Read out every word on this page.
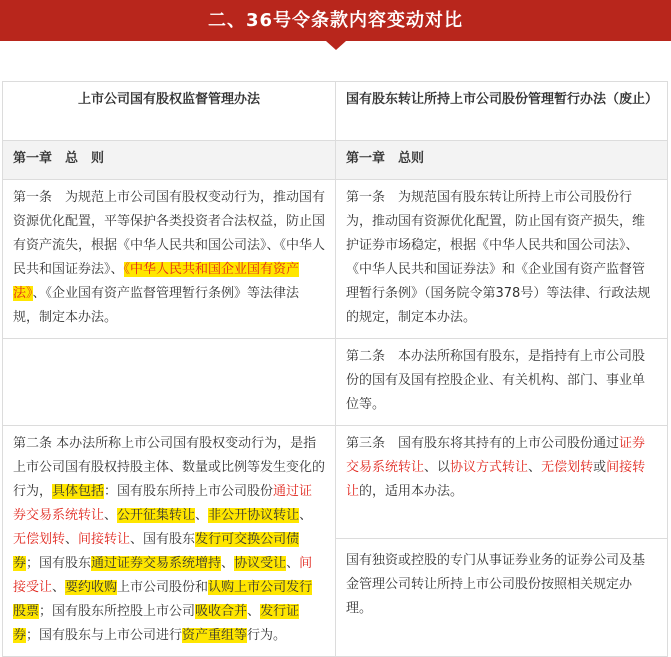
二、36号令条款内容变动对比
上市公司国有股权监督管理办法	国有股东转让所持上市公司股份管理暂行办法（废止）
第一章　总　则	第一章　总则
第一条　为规范上市公司国有股权变动行为，推动国有资源优化配置，平等保护各类投资者合法权益，防止国有资产流失，根据《中华人民共和国公司法》、《中华人民共和国证券法》、《中华人民共和国企业国有资产法》、《企业国有资产监督管理暂行条例》等法律法规，制定本办法。	第一条　为规范国有股东转让所持上市公司股份行为，推动国有资源优化配置，防止国有资产损失，维护证券市场稳定，根据《中华人民共和国公司法》、《中华人民共和国证券法》和《企业国有资产监督管理暂行条例》（国务院令第378号）等法律、行政法规的规定，制定本办法。
	第二条　本办法所称国有股东，是指持有上市公司股份的国有及国有控股企业、有关机构、部门、事业单位等。
第二条 本办法所称上市公司国有股权变动行为，是指上市公司国有股权持股主体、数量或比例等发生变化的行为，具体包括：国有股东所持上市公司股份通过证券交易系统转让、公开征集转让、非公开协议转让、无偿划转、间接转让、国有股东发行可交换公司债券；国有股东通过证券交易系统增持、协议受让、间接受让、要约收购上市公司股份和认购上市公司发行股票；国有股东所控股上市公司吸收合并、发行证券；国有股东与上市公司进行资产重组等行为。	第三条　国有股东将其持有的上市公司股份通过证券交易系统转让、以协议方式转让、无偿划转或间接转让的，适用本办法。
	国有独资或控股的专门从事证券业务的证券公司及基金管理公司转让所持上市公司股份按照相关规定办理。
